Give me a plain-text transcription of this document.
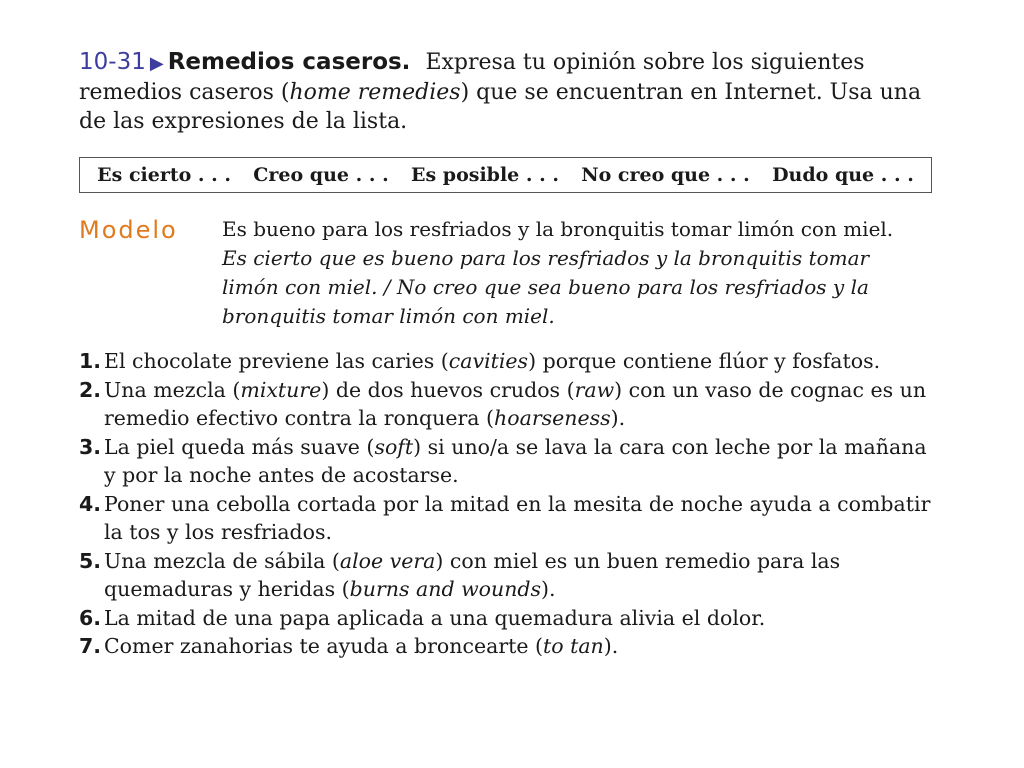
10-31 ▶ Remedios caseros. Expresa tu opinión sobre los siguientes remedios caseros (home remedies) que se encuentran en Internet. Usa una de las expresiones de la lista.

Es cierto . . . Creo que . . . Es posible . . . No creo que . . . Dudo que . . .
Modelo	Es bueno para los resfriados y la bronquitis tomar limón con miel.
Es cierto que es bueno para los resfriados y la bronquitis tomar limón con miel. / No creo que sea bueno para los resfriados y la bronquitis tomar limón con miel.
1. El chocolate previene las caries (cavities) porque contiene flúor y fosfatos.
2. Una mezcla (mixture) de dos huevos crudos (raw) con un vaso de cognac es un remedio efectivo contra la ronquera (hoarseness).
3. La piel queda más suave (soft) si uno/a se lava la cara con leche por la mañana y por la noche antes de acostarse.
4. Poner una cebolla cortada por la mitad en la mesita de noche ayuda a combatir la tos y los resfriados.
5. Una mezcla de sábila (aloe vera) con miel es un buen remedio para las quemaduras y heridas (burns and wounds).
6. La mitad de una papa aplicada a una quemadura alivia el dolor.
7. Comer zanahorias te ayuda a broncearte (to tan).
